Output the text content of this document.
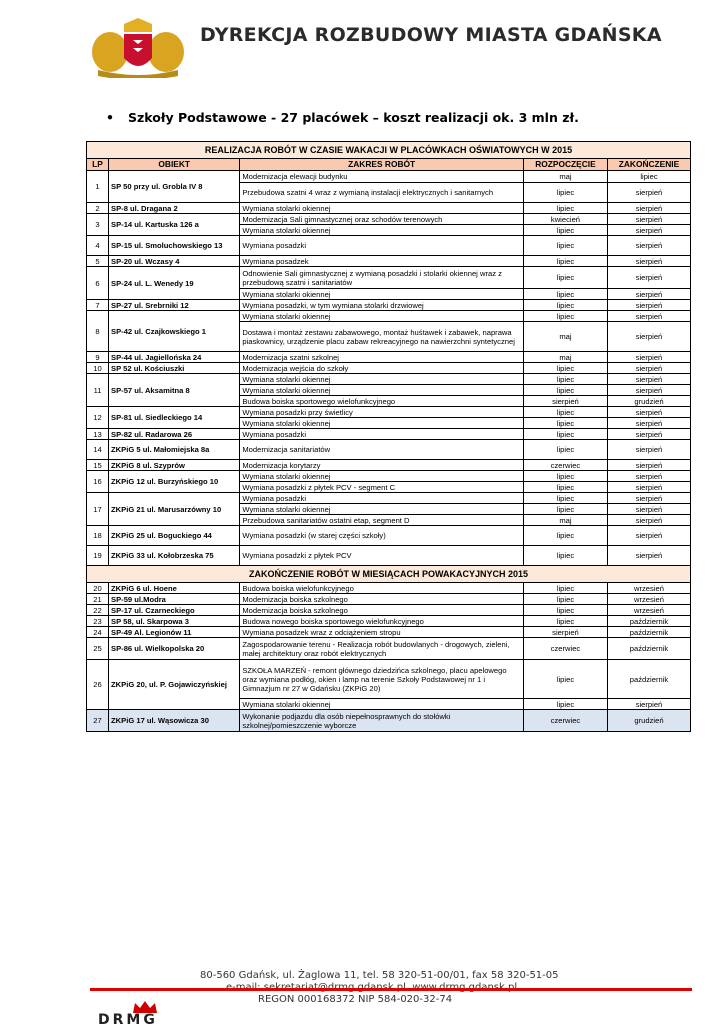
DYREKCJA ROZBUDOWY MIASTA GDAŃSKA
• Szkoły Podstawowe - 27 placówek – koszt realizacji ok. 3 mln zł.
REALIZACJA ROBÓT W CZASIE WAKACJI W PLACÓWKACH OŚWIATOWYCH W 2015				
LP	OBIEKT	ZAKRES ROBÓT	ROZPOCZĘCIE	ZAKOŃCZENIE
1	SP 50 przy ul. Grobla IV 8	Modernizacja elewacji budynku	maj	lipiec
		Przebudowa szatni 4 wraz z wymianą instalacji elektrycznych i sanitarnych	lipiec	sierpień
2	SP-8 ul. Dragana 2	Wymiana stolarki okiennej	lipiec	sierpień
3	SP-14 ul. Kartuska 126 a	Modernizacja Sali gimnastycznej oraz schodów terenowych	kwiecień	sierpień
		Wymiana stolarki okiennej	lipiec	sierpień
4	SP-15 ul. Smoluchowskiego 13	Wymiana posadzki	lipiec	sierpień
5	SP-20 ul. Wczasy 4	Wymiana posadzek	lipiec	sierpień
6	SP-24 ul. L. Wenedy 19	Odnowienie Sali gimnastycznej z wymianą posadzki i stolarki okiennej wraz z przebudową szatni i sanitariatów	lipiec	sierpień
		Wymiana stolarki okiennej	lipiec	sierpień
7	SP-27 ul. Srebrniki 12	Wymiana posadzki, w tym wymiana stolarki drzwiowej	lipiec	sierpień
8	SP-42 ul. Czajkowskiego 1	Wymiana stolarki okiennej	lipiec	sierpień
		Dostawa i montaż zestawu zabawowego, montaż huśtawek i zabawek, naprawa piaskownicy, urządzenie placu zabaw rekreacyjnego na nawierzchni syntetycznej	maj	sierpień
9	SP-44 ul. Jagiellońska 24	Modernizacja szatni szkolnej	maj	sierpień
10	SP 52 ul. Kościuszki	Modernizacja wejścia do szkoły	lipiec	sierpień
11	SP-57 ul. Aksamitna 8	Wymiana stolarki okiennej	lipiec	sierpień
		Wymiana stolarki okiennej	lipiec	sierpień
		Budowa boiska sportowego wielofunkcyjnego	sierpień	grudzień
12	SP-81 ul. Siedleckiego 14	Wymiana posadzki przy świetlicy	lipiec	sierpień
		Wymiana stolarki okiennej	lipiec	sierpień
13	SP-82 ul. Radarowa 26	Wymiana posadzki	lipiec	sierpień
14	ZKPiG 5 ul. Małomiejska 8a	Modernizacja sanitariatów	lipiec	sierpień
15	ZKPiG 8 ul. Szyprów	Modernizacja korytarzy	czerwiec	sierpień
16	ZKPiG 12 ul. Burzyńskiego 10	Wymiana stolarki okiennej	lipiec	sierpień
		Wymiana posadzki z płytek PCV - segment C	lipiec	sierpień
17	ZKPiG 21 ul. Marusarzówny 10	Wymiana posadzki	lipiec	sierpień
		Wymiana stolarki okiennej	lipiec	sierpień
		Przebudowa sanitariatów ostatni etap, segment D	maj	sierpień
18	ZKPiG 25 ul. Boguckiego 44	Wymiana posadzki (w starej części szkoły)	lipiec	sierpień
19	ZKPiG 33 ul. Kołobrzeska 75	Wymiana posadzki z płytek PCV	lipiec	sierpień
ZAKOŃCZENIE ROBÓT W MIESIĄCACH POWAKACYJNYCH 2015				
20	ZKPiG 6 ul. Hoene	Budowa boiska wielofunkcyjnego	lipiec	wrzesień
21	SP-59 ul.Modra	Modernizacja boiska szkolnego	lipiec	wrzesień
22	SP-17 ul. Czarneckiego	Modernizacja boiska szkolnego	lipiec	wrzesień
23	SP 58, ul. Skarpowa 3	Budowa nowego boiska sportowego wielofunkcyjnego	lipiec	październik
24	SP-49 Al. Legionów 11	Wymiana posadzek wraz z odciążeniem stropu	sierpień	październik
25	SP-86 ul. Wielkopolska 20	Zagospodarowanie terenu - Realizacja robót budowlanych - drogowych, zieleni, małej architektury oraz robót elektrycznych	czerwiec	październik
26	ZKPiG 20, ul. P. Gojawiczyńskiej	SZKOŁA MARZEŃ - remont głównego dziedzińca szkolnego, placu apelowego oraz wymiana podłóg, okien i lamp na terenie Szkoły Podstawowej nr 1 i Gimnazjum nr 27 w Gdańsku (ZKPiG 20)	lipiec	październik
		Wymiana stolarki okiennej	lipiec	sierpień
27	ZKPiG 17 ul. Wąsowicza 30	Wykonanie podjazdu dla osób niepełnosprawnych do stołówki szkolnej/pomieszczenie wyborcze	czerwiec	grudzień
80-560 Gdańsk, ul. Żaglowa 11, tel. 58 320-51-00/01, fax 58 320-51-05
REGON 000168372 NIP 584-020-32-74
DRMG
